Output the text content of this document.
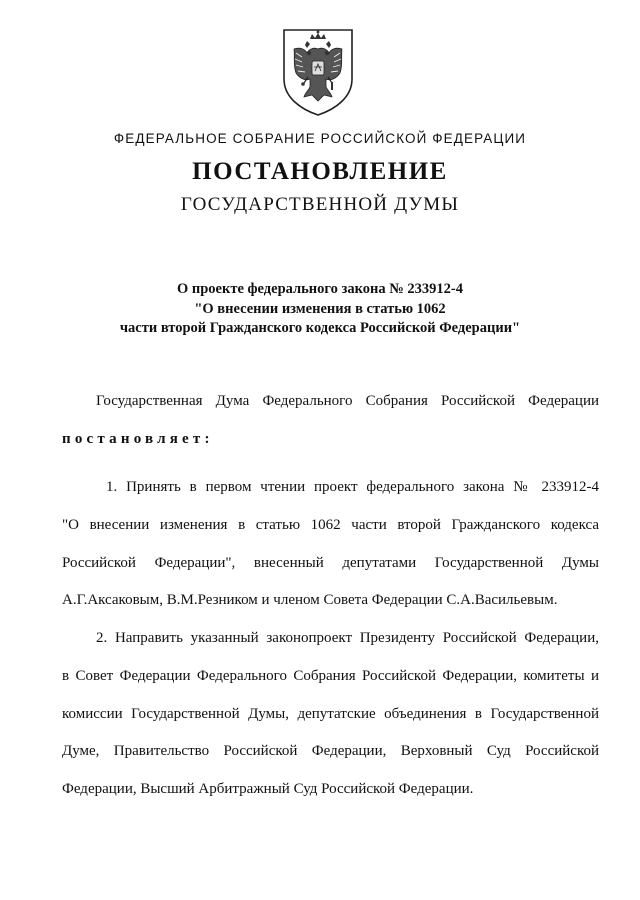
ФЕДЕРАЛЬНОЕ СОБРАНИЕ РОССИЙСКОЙ ФЕДЕРАЦИИ
ПОСТАНОВЛЕНИЕ
ГОСУДАРСТВЕННОЙ ДУМЫ
О проекте федерального закона № 233912-4
"О внесении изменения в статью 1062
части второй Гражданского кодекса Российской Федерации"
Государственная Дума Федерального Собрания Российской Федерации
постановляет:
1. Принять в первом чтении проект федерального закона № 233912-4
"О внесении изменения в статью 1062 части второй Гражданского кодекса
Российской Федерации", внесенный депутатами Государственной Думы
А.Г.Аксаковым, В.М.Резником и членом Совета Федерации С.А.Васильевым.
2. Направить указанный законопроект Президенту Российской Федерации,
в Совет Федерации Федерального Собрания Российской Федерации, комитеты и
комиссии Государственной Думы, депутатские объединения в Государственной
Думе, Правительство Российской Федерации, Верховный Суд Российской
Федерации, Высший Арбитражный Суд Российской Федерации.
